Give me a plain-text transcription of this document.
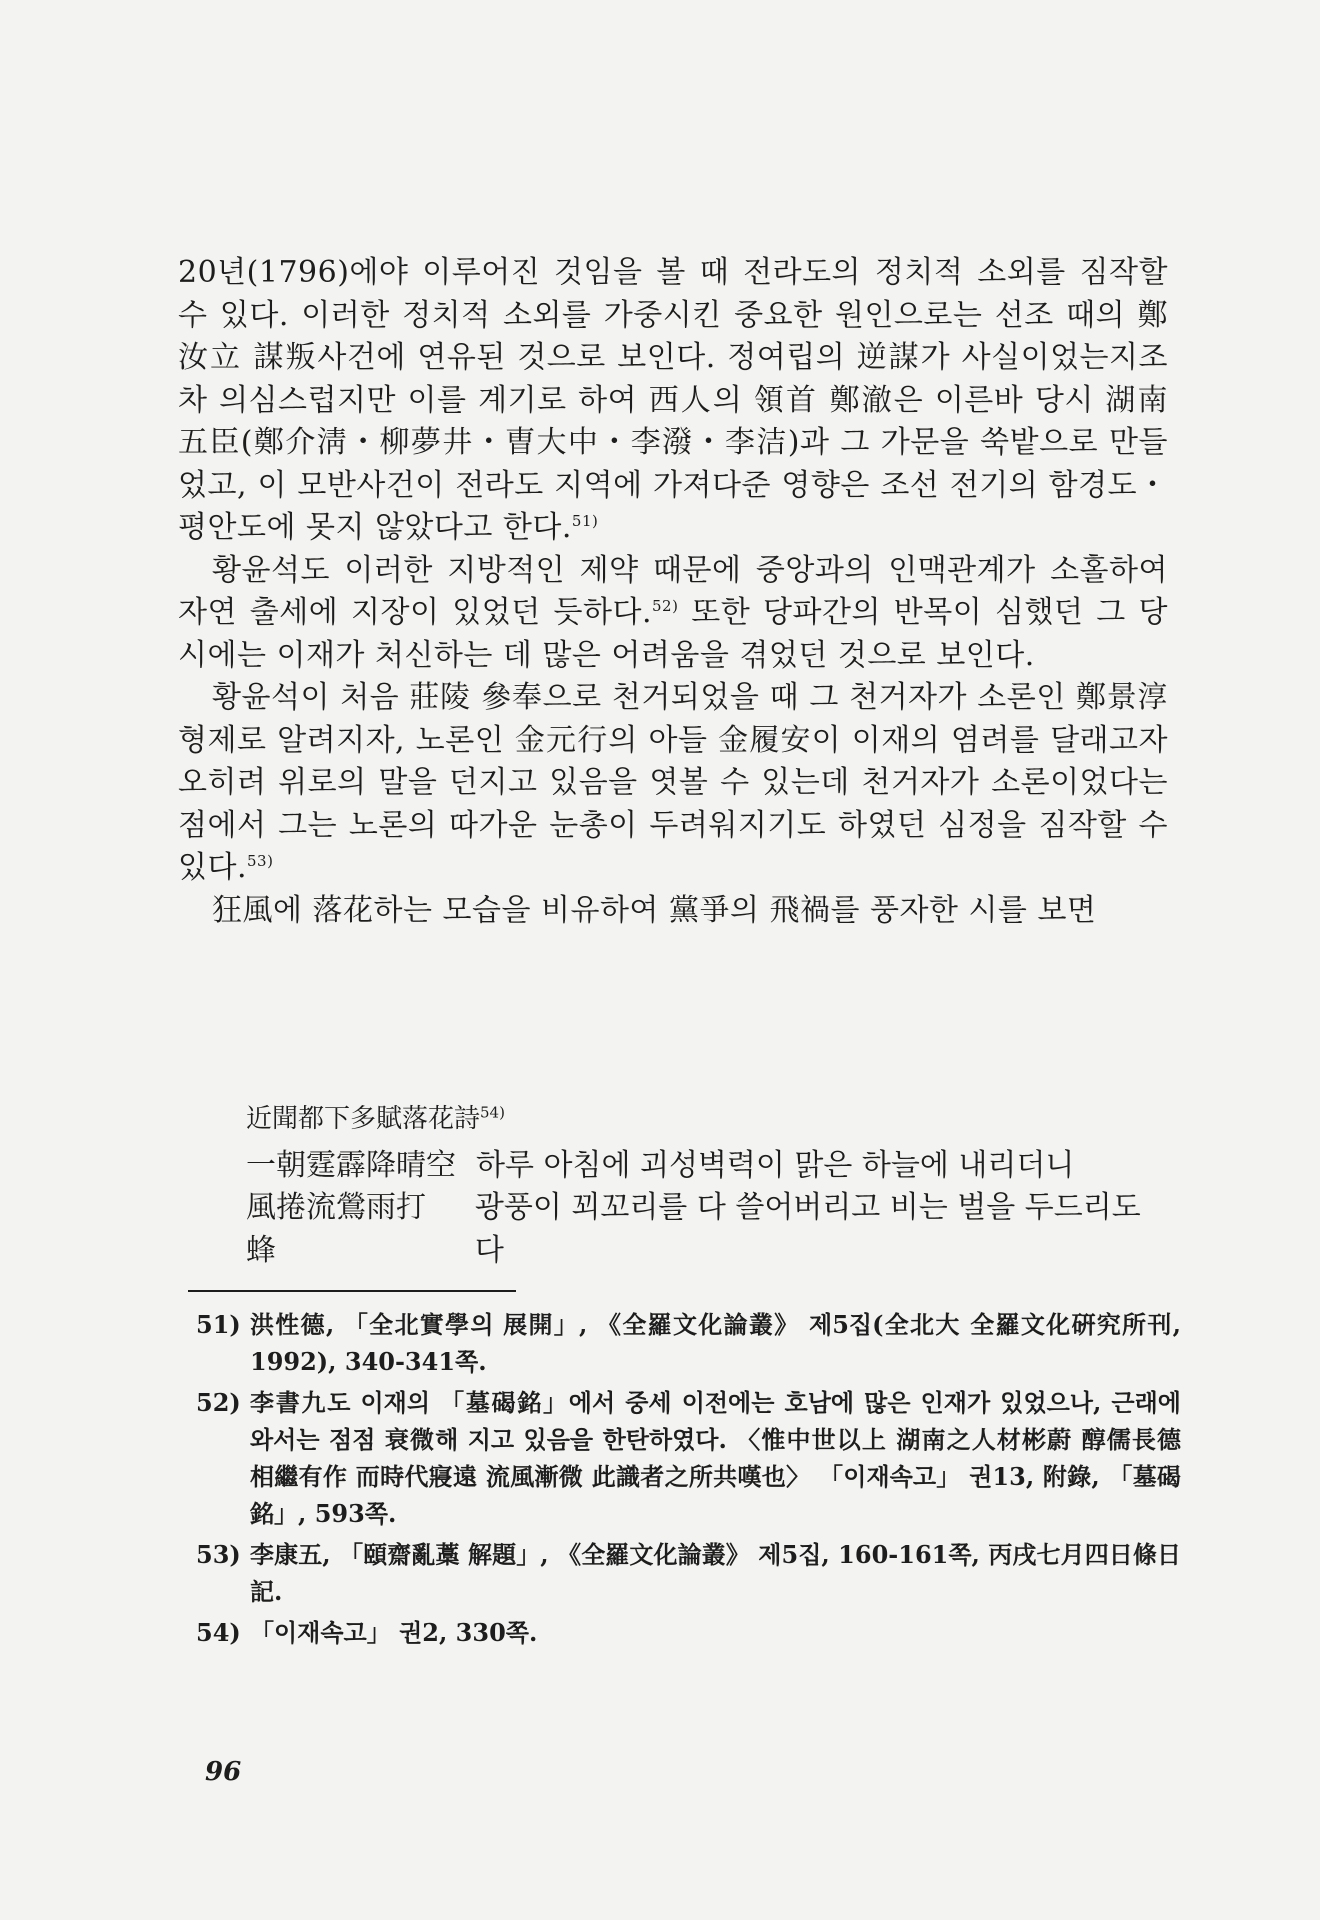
20년(1796)에야 이루어진 것임을 볼 때 전라도의 정치적 소외를 짐작할 수 있다. 이러한 정치적 소외를 가중시킨 중요한 원인으로는 선조 때의 鄭汝立 謀叛사건에 연유된 것으로 보인다. 정여립의 逆謀가 사실이었는지조차 의심스럽지만 이를 계기로 하여 西人의 領首 鄭澈은 이른바 당시 湖南五臣(鄭介淸・柳夢井・曺大中・李潑・李洁)과 그 가문을 쑥밭으로 만들었고, 이 모반사건이 전라도 지역에 가져다준 영향은 조선 전기의 함경도・평안도에 못지 않았다고 한다.$^{51)}$

황윤석도 이러한 지방적인 제약 때문에 중앙과의 인맥관계가 소홀하여 자연 출세에 지장이 있었던 듯하다.$^{52)}$ 또한 당파간의 반목이 심했던 그 당시에는 이재가 처신하는 데 많은 어려움을 겪었던 것으로 보인다.

황윤석이 처음 莊陵 參奉으로 천거되었을 때 그 천거자가 소론인 鄭景淳 형제로 알려지자, 노론인 金元行의 아들 金履安이 이재의 염려를 달래고자 오히려 위로의 말을 던지고 있음을 엿볼 수 있는데 천거자가 소론이었다는 점에서 그는 노론의 따가운 눈총이 두려워지기도 하였던 심정을 짐작할 수 있다.$^{53)}$

狂風에 落花하는 모습을 비유하여 黨爭의 飛禍를 풍자한 시를 보면

近聞都下多賦落花詩$^{54)}$
一朝霆霹降晴空 하루 아침에 괴성벽력이 맑은 하늘에 내리더니
風捲流鶯雨打蜂
광풍이 꾀꼬리를 다 쓸어버리고 비는 벌을 두드리도다
51) 洪性德, 「全北實學의 展開」, 《全羅文化論叢》 제5집(全北大 全羅文化硏究所刊, 1992), 340-341쪽.
52) 李書九도 이재의 「墓碣銘」에서 중세 이전에는 호남에 많은 인재가 있었으나, 근래에 와서는 점점 衰微해 지고 있음을 한탄하였다. 〈惟中世以上 湖南之人材彬蔚 醇儒長德 相繼有作 而時代寢遠 流風漸微 此識者之所共嘆也〉 「이재속고」 권13, 附錄, 「墓碣銘」, 593쪽.
53) 李康五, 「頤齋亂藁 解題」, 《全羅文化論叢》 제5집, 160-161쪽, 丙戌七月四日條日記.
54) 「이재속고」 권2, 330쪽.
96
